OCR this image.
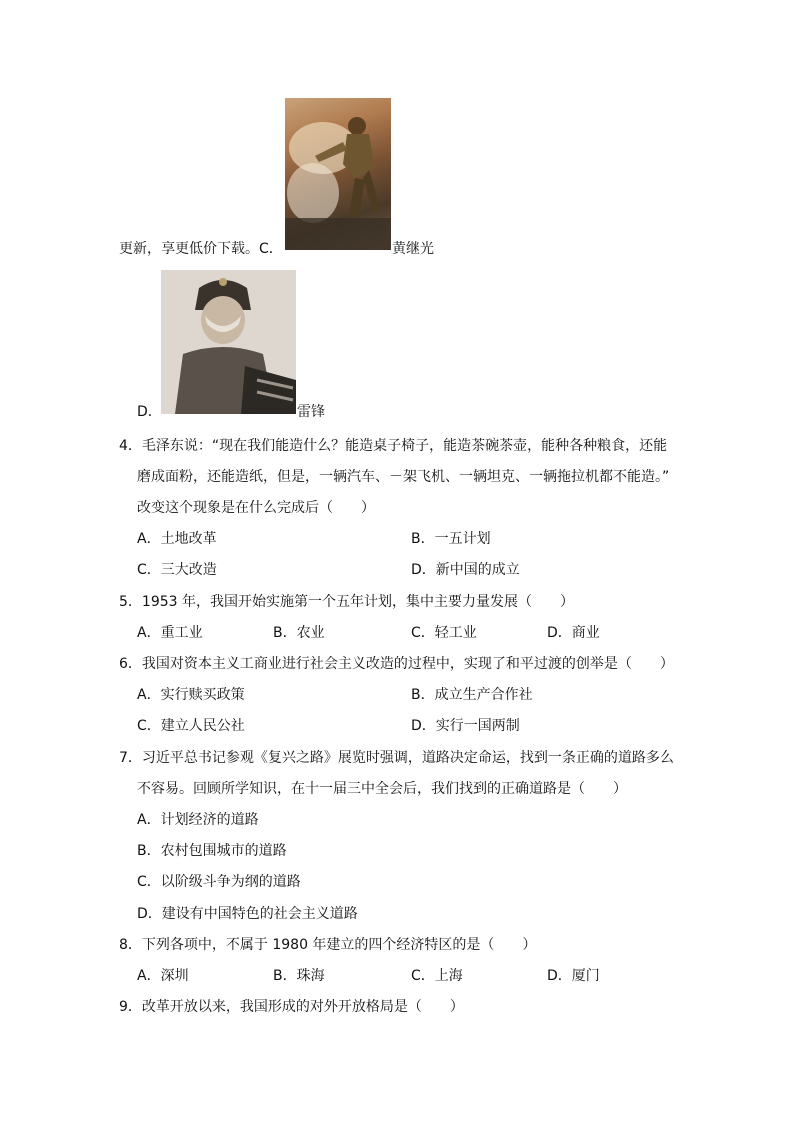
更新，享更低价下载。C．	黄继光
D．	雷锋
4．毛泽东说：“现在我们能造什么？能造桌子椅子，能造茶碗茶壶，能种各种粮食，还能
磨成面粉，还能造纸，但是，一辆汽车、－架飞机、一辆坦克、一辆拖拉机都不能造。”
改变这个现象是在什么完成后（　　）
A．土地改革	B．一五计划
C．三大改造	D．新中国的成立
5．1953 年，我国开始实施第一个五年计划，集中主要力量发展（　　）
A．重工业	B．农业	C．轻工业	D．商业
6．我国对资本主义工商业进行社会主义改造的过程中，实现了和平过渡的创举是（　　）
A．实行赎买政策	B．成立生产合作社
C．建立人民公社	D．实行一国两制
7．习近平总书记参观《复兴之路》展览时强调，道路决定命运，找到一条正确的道路多么
不容易。回顾所学知识，在十一届三中全会后，我们找到的正确道路是（　　）
A．计划经济的道路
B．农村包围城市的道路
C．以阶级斗争为纲的道路
D．建设有中国特色的社会主义道路
8．下列各项中，不属于 1980 年建立的四个经济特区的是（　　）
A．深圳	B．珠海	C．上海	D．厦门
9．改革开放以来，我国形成的对外开放格局是（　　）
